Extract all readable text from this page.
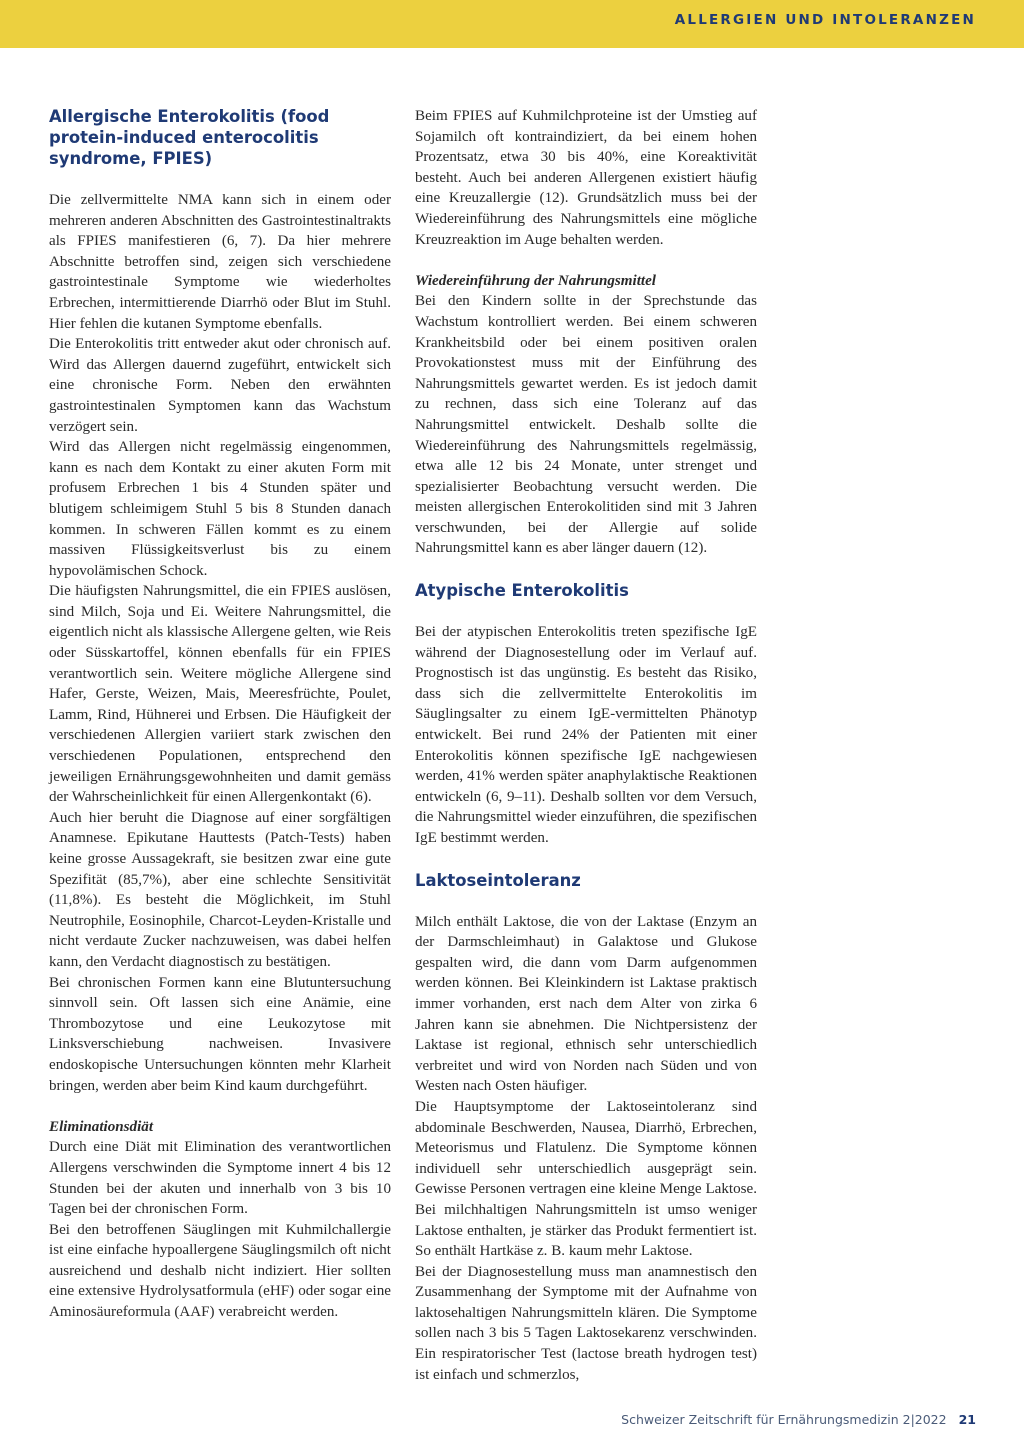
ALLERGIEN UND INTOLERANZEN
Allergische Enterokolitis (food protein-induced enterocolitis syndrome, FPIES)

Die zellvermittelte NMA kann sich in einem oder mehreren anderen Abschnitten des Gastrointestinaltrakts als FPIES manifestieren (6, 7). Da hier mehrere Abschnitte betroffen sind, zeigen sich verschiedene gastrointestinale Symptome wie wiederholtes Erbrechen, intermittierende Diarrhö oder Blut im Stuhl. Hier fehlen die kutanen Symptome ebenfalls.

Die Enterokolitis tritt entweder akut oder chronisch auf. Wird das Allergen dauernd zugeführt, entwickelt sich eine chronische Form. Neben den erwähnten gastrointestinalen Symptomen kann das Wachstum verzögert sein.

Wird das Allergen nicht regelmässig eingenommen, kann es nach dem Kontakt zu einer akuten Form mit profusem Erbrechen 1 bis 4 Stunden später und blutigem schleimigem Stuhl 5 bis 8 Stunden danach kommen. In schweren Fällen kommt es zu einem massiven Flüssigkeitsverlust bis zu einem hypovolämischen Schock.

Die häufigsten Nahrungsmittel, die ein FPIES auslösen, sind Milch, Soja und Ei. Weitere Nahrungsmittel, die eigentlich nicht als klassische Allergene gelten, wie Reis oder Süsskartoffel, können ebenfalls für ein FPIES verantwortlich sein. Weitere mögliche Allergene sind Hafer, Gerste, Weizen, Mais, Meeresfrüchte, Poulet, Lamm, Rind, Hühnerei und Erbsen. Die Häufigkeit der verschiedenen Allergien variiert stark zwischen den verschiedenen Populationen, entsprechend den jeweiligen Ernährungsgewohnheiten und damit gemäss der Wahrscheinlichkeit für einen Allergenkontakt (6).

Auch hier beruht die Diagnose auf einer sorgfältigen Anamnese. Epikutane Hauttests (Patch-Tests) haben keine grosse Aussagekraft, sie besitzen zwar eine gute Spezifität (85,7%), aber eine schlechte Sensitivität (11,8%). Es besteht die Möglichkeit, im Stuhl Neutrophile, Eosinophile, Charcot-Leyden-Kristalle und nicht verdaute Zucker nachzuweisen, was dabei helfen kann, den Verdacht diagnostisch zu bestätigen.

Bei chronischen Formen kann eine Blutuntersuchung sinnvoll sein. Oft lassen sich eine Anämie, eine Thrombozytose und eine Leukozytose mit Linksverschiebung nachweisen. Invasivere endoskopische Untersuchungen könnten mehr Klarheit bringen, werden aber beim Kind kaum durchgeführt.

Eliminationsdiät

Durch eine Diät mit Elimination des verantwortlichen Allergens verschwinden die Symptome innert 4 bis 12 Stunden bei der akuten und innerhalb von 3 bis 10 Tagen bei der chronischen Form.

Bei den betroffenen Säuglingen mit Kuhmilchallergie ist eine einfache hypoallergene Säuglingsmilch oft nicht ausreichend und deshalb nicht indiziert. Hier sollten eine extensive Hydrolysatformula (eHF) oder sogar eine Aminosäureformula (AAF) verabreicht werden.

Beim FPIES auf Kuhmilchproteine ist der Umstieg auf Sojamilch oft kontraindiziert, da bei einem hohen Prozentsatz, etwa 30 bis 40%, eine Koreaktivität besteht. Auch bei anderen Allergenen existiert häufig eine Kreuzallergie (12). Grundsätzlich muss bei der Wiedereinführung des Nahrungsmittels eine mögliche Kreuzreaktion im Auge behalten werden.

Wiedereinführung der Nahrungsmittel

Bei den Kindern sollte in der Sprechstunde das Wachstum kontrolliert werden. Bei einem schweren Krankheitsbild oder bei einem positiven oralen Provokationstest muss mit der Einführung des Nahrungsmittels gewartet werden. Es ist jedoch damit zu rechnen, dass sich eine Toleranz auf das Nahrungsmittel entwickelt. Deshalb sollte die Wiedereinführung des Nahrungsmittels regelmässig, etwa alle 12 bis 24 Monate, unter strenget und spezialisierter Beobachtung versucht werden. Die meisten allergischen Enterokolitiden sind mit 3 Jahren verschwunden, bei der Allergie auf solide Nahrungsmittel kann es aber länger dauern (12).

Atypische Enterokolitis

Bei der atypischen Enterokolitis treten spezifische IgE während der Diagnosestellung oder im Verlauf auf. Prognostisch ist das ungünstig. Es besteht das Risiko, dass sich die zellvermittelte Enterokolitis im Säuglingsalter zu einem IgE-vermittelten Phänotyp entwickelt. Bei rund 24% der Patienten mit einer Enterokolitis können spezifische IgE nachgewiesen werden, 41% werden später anaphylaktische Reaktionen entwickeln (6, 9–11). Deshalb sollten vor dem Versuch, die Nahrungsmittel wieder einzuführen, die spezifischen IgE bestimmt werden.

Laktoseintoleranz

Milch enthält Laktose, die von der Laktase (Enzym an der Darmschleimhaut) in Galaktose und Glukose gespalten wird, die dann vom Darm aufgenommen werden können. Bei Kleinkindern ist Laktase praktisch immer vorhanden, erst nach dem Alter von zirka 6 Jahren kann sie abnehmen. Die Nichtpersistenz der Laktase ist regional, ethnisch sehr unterschiedlich verbreitet und wird von Norden nach Süden und von Westen nach Osten häufiger.

Die Hauptsymptome der Laktoseintoleranz sind abdominale Beschwerden, Nausea, Diarrhö, Erbrechen, Meteorismus und Flatulenz. Die Symptome können individuell sehr unterschiedlich ausgeprägt sein. Gewisse Personen vertragen eine kleine Menge Laktose. Bei milchhaltigen Nahrungsmitteln ist umso weniger Laktose enthalten, je stärker das Produkt fermentiert ist. So enthält Hartkäse z. B. kaum mehr Laktose.

Bei der Diagnosestellung muss man anamnestisch den Zusammenhang der Symptome mit der Aufnahme von laktosehaltigen Nahrungsmitteln klären. Die Symptome sollen nach 3 bis 5 Tagen Laktosekarenz verschwinden. Ein respiratorischer Test (lactose breath hydrogen test) ist einfach und schmerzlos,

Schweizer Zeitschrift für Ernährungsmedizin 2|2022 21
